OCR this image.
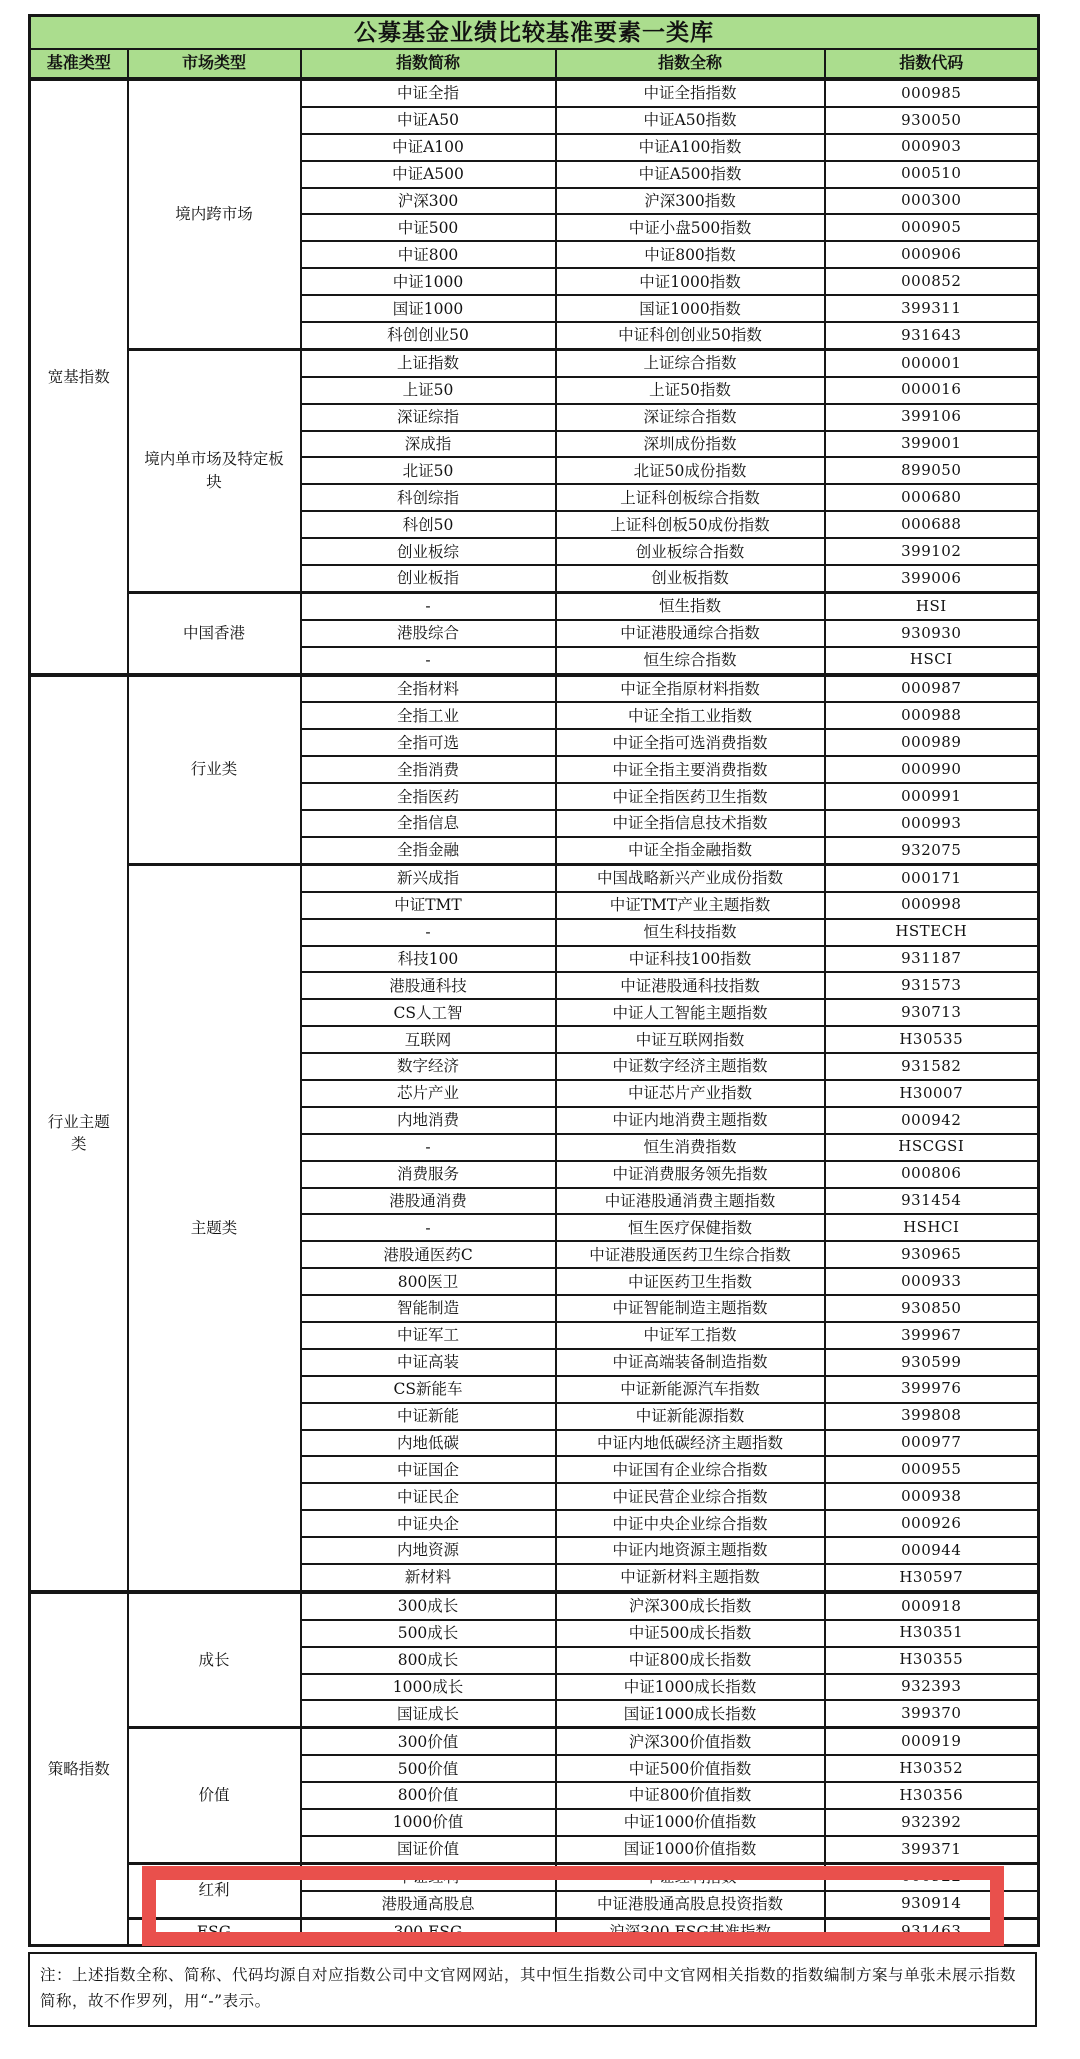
公募基金业绩比较基准要素一类库				
基准类型	市场类型	指数简称	指数全称	指数代码

宽基指数	境内跨市场	中证全指	中证全指指数	000985
		中证A50	中证A50指数	930050
		中证A100	中证A100指数	000903
		中证A500	中证A500指数	000510
		沪深300	沪深300指数	000300
		中证500	中证小盘500指数	000905
		中证800	中证800指数	000906
		中证1000	中证1000指数	000852
		国证1000	国证1000指数	399311
		科创创业50	中证科创创业50指数	931643

	境内单市场及特定板块	上证指数	上证综合指数	000001
		上证50	上证50指数	000016
		深证综指	深证综合指数	399106
		深成指	深圳成份指数	399001
		北证50	北证50成份指数	899050
		科创综指	上证科创板综合指数	000680
		科创50	上证科创板50成份指数	000688
		创业板综	创业板综合指数	399102
		创业板指	创业板指数	399006

	中国香港	-	恒生指数	HSI
		港股综合	中证港股通综合指数	930930
		-	恒生综合指数	HSCI

行业主题类	行业类	全指材料	中证全指原材料指数	000987
		全指工业	中证全指工业指数	000988
		全指可选	中证全指可选消费指数	000989
		全指消费	中证全指主要消费指数	000990
		全指医药	中证全指医药卫生指数	000991
		全指信息	中证全指信息技术指数	000993
		全指金融	中证全指金融指数	932075

	主题类	新兴成指	中国战略新兴产业成份指数	000171
		中证TMT	中证TMT产业主题指数	000998
		-	恒生科技指数	HSTECH
		科技100	中证科技100指数	931187
		港股通科技	中证港股通科技指数	931573
		CS人工智	中证人工智能主题指数	930713
		互联网	中证互联网指数	H30535
		数字经济	中证数字经济主题指数	931582
		芯片产业	中证芯片产业指数	H30007
		内地消费	中证内地消费主题指数	000942
		-	恒生消费指数	HSCGSI
		消费服务	中证消费服务领先指数	000806
		港股通消费	中证港股通消费主题指数	931454
		-	恒生医疗保健指数	HSHCI
		港股通医药C	中证港股通医药卫生综合指数	930965
		800医卫	中证医药卫生指数	000933
		智能制造	中证智能制造主题指数	930850
		中证军工	中证军工指数	399967
		中证高装	中证高端装备制造指数	930599
		CS新能车	中证新能源汽车指数	399976
		中证新能	中证新能源指数	399808
		内地低碳	中证内地低碳经济主题指数	000977
		中证国企	中证国有企业综合指数	000955
		中证民企	中证民营企业综合指数	000938
		中证央企	中证中央企业综合指数	000926
		内地资源	中证内地资源主题指数	000944
		新材料	中证新材料主题指数	H30597

策略指数	成长	300成长	沪深300成长指数	000918
		500成长	中证500成长指数	H30351
		800成长	中证800成长指数	H30355
		1000成长	中证1000成长指数	932393
		国证成长	国证1000成长指数	399370

	价值	300价值	沪深300价值指数	000919
		500价值	中证500价值指数	H30352
		800价值	中证800价值指数	H30356
		1000价值	中证1000价值指数	932392
		国证价值	国证1000价值指数	399371

	红利	中证红利	中证红利指数	000922
		港股通高股息	中证港股通高股息投资指数	930914

	ESG	300 ESG	沪深300 ESG基准指数	931463
注：上述指数全称、简称、代码均源自对应指数公司中文官网网站，其中恒生指数公司中文官网相关指数的指数编制方案与单张未展示指数简称，故不作罗列，用“-”表示。
